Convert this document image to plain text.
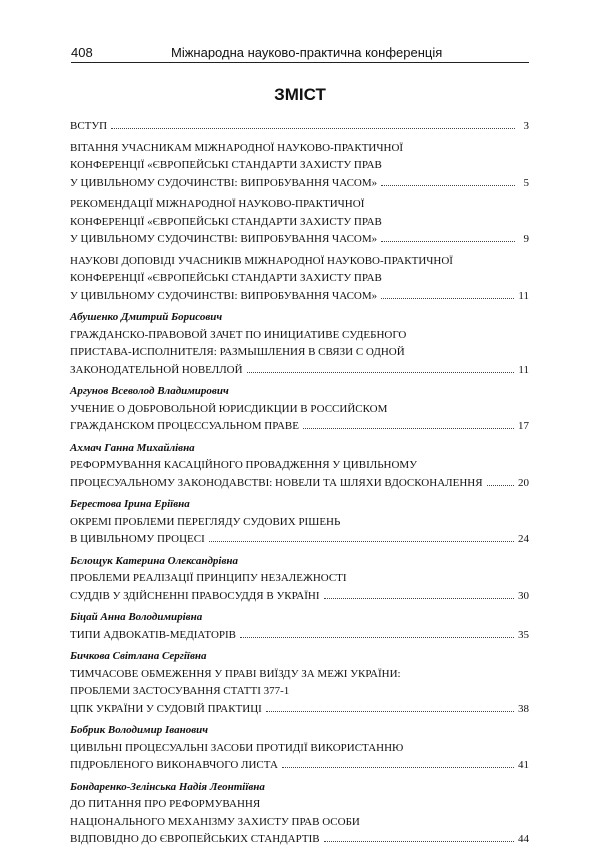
408	Міжнародна науково-практична конференція
ЗМІСТ
ВСТУП	3
ВІТАННЯ УЧАСНИКАМ МІЖНАРОДНОЇ НАУКОВО-ПРАКТИЧНОЇ
КОНФЕРЕНЦІЇ «ЄВРОПЕЙСЬКІ СТАНДАРТИ ЗАХИСТУ ПРАВ
У ЦИВІЛЬНОМУ СУДОЧИНСТВІ: ВИПРОБУВАННЯ ЧАСОМ»	5
РЕКОМЕНДАЦІЇ МІЖНАРОДНОЇ НАУКОВО-ПРАКТИЧНОЇ
КОНФЕРЕНЦІЇ «ЄВРОПЕЙСЬКІ СТАНДАРТИ ЗАХИСТУ ПРАВ
У ЦИВІЛЬНОМУ СУДОЧИНСТВІ: ВИПРОБУВАННЯ ЧАСОМ»	9
НАУКОВІ ДОПОВІДІ УЧАСНИКІВ МІЖНАРОДНОЇ НАУКОВО-ПРАКТИЧНОЇ
КОНФЕРЕНЦІЇ «ЄВРОПЕЙСЬКІ СТАНДАРТИ ЗАХИСТУ ПРАВ
У ЦИВІЛЬНОМУ СУДОЧИНСТВІ: ВИПРОБУВАННЯ ЧАСОМ»	11
Абушенко Дмитрий Борисович
ГРАЖДАНСКО-ПРАВОВОЙ ЗАЧЕТ ПО ИНИЦИАТИВЕ СУДЕБНОГО
ПРИСТАВА-ИСПОЛНИТЕЛЯ: РАЗМЫШЛЕНИЯ В СВЯЗИ С ОДНОЙ
ЗАКОНОДАТЕЛЬНОЙ НОВЕЛЛОЙ	11
Аргунов Всеволод Владимирович
УЧЕНИЕ О ДОБРОВОЛЬНОЙ ЮРИСДИКЦИИ В РОССИЙСКОМ
ГРАЖДАНСКОМ ПРОЦЕССУАЛЬНОМ ПРАВЕ	17
Ахмач Ганна Михайлівна
РЕФОРМУВАННЯ КАСАЦІЙНОГО ПРОВАДЖЕННЯ У ЦИВІЛЬНОМУ
ПРОЦЕСУАЛЬНОМУ ЗАКОНОДАВСТВІ: НОВЕЛИ ТА ШЛЯХИ ВДОСКОНАЛЕННЯ	20
Берестова Ірина Еріївна
ОКРЕМІ ПРОБЛЕМИ ПЕРЕГЛЯДУ СУДОВИХ РІШЕНЬ
В ЦИВІЛЬНОМУ ПРОЦЕСІ	24
Бєлощук Катерина Олександрівна
ПРОБЛЕМИ РЕАЛІЗАЦІЇ ПРИНЦИПУ НЕЗАЛЕЖНОСТІ
СУДДІВ У ЗДІЙСНЕННІ ПРАВОСУДДЯ В УКРАЇНІ	30
Біцай Анна Володимирівна
ТИПИ АДВОКАТІВ-МЕДІАТОРІВ	35
Бичкова Світлана Сергіївна
ТИМЧАСОВЕ ОБМЕЖЕННЯ У ПРАВІ ВИЇЗДУ ЗА МЕЖІ УКРАЇНИ:
ПРОБЛЕМИ ЗАСТОСУВАННЯ СТАТТІ 377-1
ЦПК УКРАЇНИ У СУДОВІЙ ПРАКТИЦІ	38
Бобрик Володимир Іванович
ЦИВІЛЬНІ ПРОЦЕСУАЛЬНІ ЗАСОБИ ПРОТИДІЇ ВИКОРИСТАННЮ
ПІДРОБЛЕНОГО ВИКОНАВЧОГО ЛИСТА	41
Бондаренко-Зелінська Надія Леонтіївна
ДО ПИТАННЯ ПРО РЕФОРМУВАННЯ
НАЦІОНАЛЬНОГО МЕХАНІЗМУ ЗАХИСТУ ПРАВ ОСОБИ
ВІДПОВІДНО ДО ЄВРОПЕЙСЬКИХ СТАНДАРТІВ	44
